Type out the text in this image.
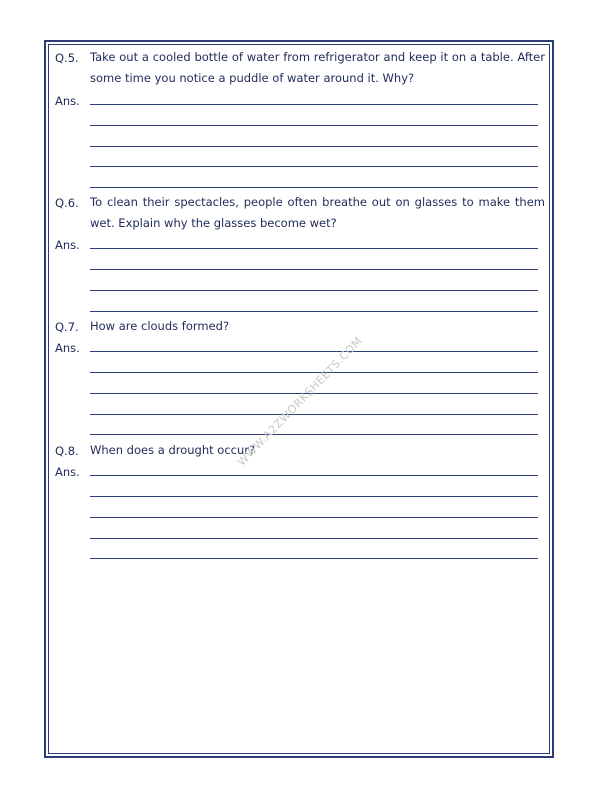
Q.5. Take out a cooled bottle of water from refrigerator and keep it on a table. After some time you notice a puddle of water around it. Why?
Ans.
Q.6. To clean their spectacles, people often breathe out on glasses to make them wet. Explain why the glasses become wet?
Ans.
Q.7. How are clouds formed?
Ans.
Q.8. When does a drought occur?
Ans.
WWW.A2ZWORKSHEETS.COM
